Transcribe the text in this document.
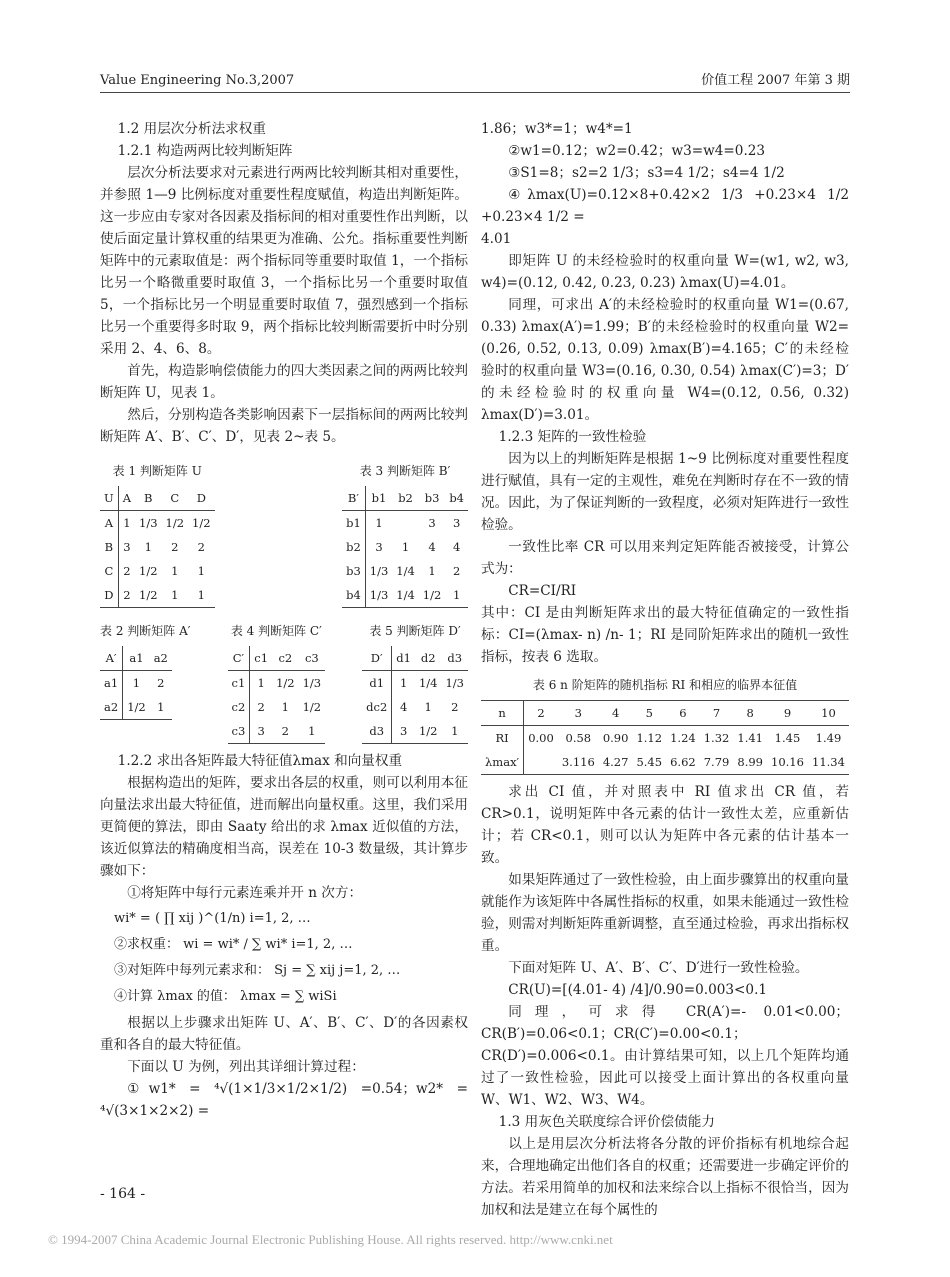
Value Engineering No.3,2007	价值工程 2007 年第 3 期

1.2 用层次分析法求权重

1.2.1 构造两两比较判断矩阵

层次分析法要求对元素进行两两比较判断其相对重要性，并参照 1—9 比例标度对重要性程度赋值，构造出判断矩阵。这一步应由专家对各因素及指标间的相对重要性作出判断，以使后面定量计算权重的结果更为准确、公允。指标重要性判断矩阵中的元素取值是：两个指标同等重要时取值 1，一个指标比另一个略微重要时取值 3，一个指标比另一个重要时取值 5，一个指标比另一个明显重要时取值 7，强烈感到一个指标比另一个重要得多时取 9，两个指标比较判断需要折中时分别采用 2、4、6、8。

首先，构造影响偿债能力的四大类因素之间的两两比较判断矩阵 U，见表 1。

然后，分别构造各类影响因素下一层指标间的两两比较判断矩阵 A′、B′、C′、D′，见表 2~表 5。

表 1 判断矩阵 U
U	A	B	C	D
A	1	1/3	1/2	1/2
B	3	1	2	2
C	2	1/2	1	1
D	2	1/2	1	1
表 3 判断矩阵 B′
B′	b1	b2	b3	b4
b1	1		3	3
b2	3	1	4	4
b3	1/3	1/4	1	2
b4	1/3	1/4	1/2	1
表 2 判断矩阵 A′
A′	a1	a2
a1	1	2
a2	1/2	1
表 4 判断矩阵 C′
C′	c1	c2	c3
c1	1	1/2	1/3
c2	2	1	1/2
c3	3	2	1
表 5 判断矩阵 D′
D′	d1	d2	d3
d1	1	1/4	1/3
dc2	4	1	2
d3	3	1/2	1

1.2.2 求出各矩阵最大特征值λmax 和向量权重

根据构造出的矩阵，要求出各层的权重，则可以利用本征向量法求出最大特征值，进而解出向量权重。这里，我们采用更简便的算法，即由 Saaty 给出的求 λmax 近似值的方法，该近似算法的精确度相当高，误差在 10-3 数量级，其计算步骤如下：

①将矩阵中每行元素连乘并开 n 次方：

wi* = ( ∏ xij )^(1/n) i=1, 2, …
②求权重： wi = wi* / ∑ wi* i=1, 2, …
③对矩阵中每列元素求和： Sj = ∑ xij j=1, 2, …
④计算 λmax 的值： λmax = ∑ wiSi

根据以上步骤求出矩阵 U、A′、B′、C′、D′的各因素权重和各自的最大特征值。

下面以 U 为例，列出其详细计算过程：

①w1* = ⁴√(1×1/3×1/2×1/2) =0.54；w2* = ⁴√(3×1×2×2) =

1.86；w3*=1；w4*=1

②w1=0.12；w2=0.42；w3=w4=0.23

③S1=8；s2=2 1/3；s3=4 1/2；s4=4 1/2

④λmax(U)=0.12×8+0.42×2 1/3 +0.23×4 1/2 +0.23×4 1/2 =

4.01

即矩阵 U 的未经检验时的权重向量 W=(w1, w2, w3, w4)=(0.12, 0.42, 0.23, 0.23) λmax(U)=4.01。

同理，可求出 A′的未经检验时的权重向量 W1=(0.67, 0.33) λmax(A′)=1.99；B′的未经检验时的权重向量 W2=(0.26, 0.52, 0.13, 0.09) λmax(B′)=4.165；C′的未经检验时的权重向量 W3=(0.16, 0.30, 0.54) λmax(C′)=3；D′的未经检验时的权重向量 W4=(0.12, 0.56, 0.32) λmax(D′)=3.01。

1.2.3 矩阵的一致性检验

因为以上的判断矩阵是根据 1~9 比例标度对重要性程度进行赋值，具有一定的主观性，难免在判断时存在不一致的情况。因此，为了保证判断的一致程度，必须对矩阵进行一致性检验。

一致性比率 CR 可以用来判定矩阵能否被接受，计算公式为：

CR=CI/RI

其中：CI 是由判断矩阵求出的最大特征值确定的一致性指标：CI=(λmax- n) /n- 1；RI 是同阶矩阵求出的随机一致性指标，按表 6 选取。

表 6 n 阶矩阵的随机指标 RI 和相应的临界本征值
n	2	3	4	5	6	7	8	9	10
RI	0.00	0.58	0.90	1.12	1.24	1.32	1.41	1.45	1.49
λmax′		3.116	4.27	5.45	6.62	7.79	8.99	10.16	11.34

求出 CI 值，并对照表中 RI 值求出 CR 值，若 CR>0.1，说明矩阵中各元素的估计一致性太差，应重新估计；若 CR<0.1，则可以认为矩阵中各元素的估计基本一致。

如果矩阵通过了一致性检验，由上面步骤算出的权重向量就能作为该矩阵中各属性指标的权重，如果未能通过一致性检验，则需对判断矩阵重新调整，直至通过检验，再求出指标权重。

下面对矩阵 U、A′、B′、C′、D′进行一致性检验。

CR(U)=[(4.01- 4) /4]/0.90=0.003<0.1

同理，可求得 CR(A′)=- 0.01<0.00；CR(B′)=0.06<0.1；CR(C′)=0.00<0.1；CR(D′)=0.006<0.1。由计算结果可知，以上几个矩阵均通过了一致性检验，因此可以接受上面计算出的各权重向量 W、W1、W2、W3、W4。

1.3 用灰色关联度综合评价偿债能力

以上是用层次分析法将各分散的评价指标有机地综合起来，合理地确定出他们各自的权重；还需要进一步确定评价的方法。若采用简单的加权和法来综合以上指标不很恰当，因为加权和法是建立在每个属性的

- 164 -
© 1994-2007 China Academic Journal Electronic Publishing House. All rights reserved. http://www.cnki.net
